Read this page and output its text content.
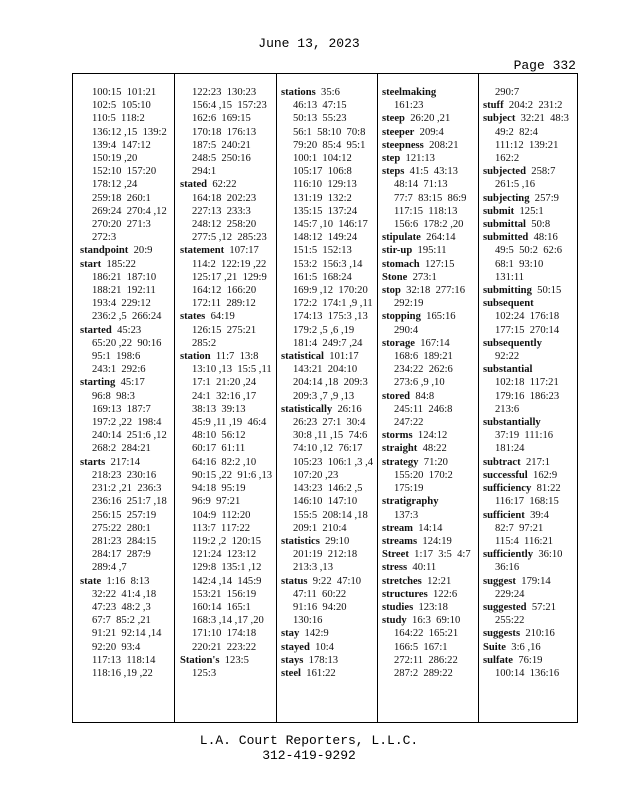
June 13, 2023
Page 332
100:15  101:21
102:5  105:10
110:5  118:2
136:12 ,15  139:2
139:4  147:12
150:19 ,20
152:10  157:20
178:12 ,24
259:18  260:1
269:24  270:4 ,12
270:20  271:3
272:3
standpoint 20:9
start 185:22
186:21  187:10
188:21  192:11
193:4  229:12
236:2 ,5  266:24
started 45:23
65:20 ,22  90:16
95:1  198:6
243:1  292:6
starting 45:17
96:8  98:3
169:13  187:7
197:2 ,22  198:4
240:14  251:6 ,12
268:2  284:21
starts 217:14
218:23  230:16
231:2 ,21  236:3
236:16  251:7 ,18
256:15  257:19
275:22  280:1
281:23  284:15
284:17  287:9
289:4 ,7
state 1:16  8:13
32:22  41:4 ,18
47:23  48:2 ,3
67:7  85:2 ,21
91:21  92:14 ,14
92:20  93:4
117:13  118:14
118:16 ,19 ,22
122:23  130:23
156:4 ,15  157:23
162:6  169:15
170:18  176:13
187:5  240:21
248:5  250:16
294:1
stated 62:22
164:18  202:23
227:13  233:3
248:12  258:20
277:5 ,12  285:23
statement 107:17
114:2  122:19 ,22
125:17 ,21  129:9
164:12  166:20
172:11  289:12
states 64:19
126:15  275:21
285:2
station 11:7  13:8
13:10 ,13  15:5 ,11
17:1  21:20 ,24
24:1  32:16 ,17
38:13  39:13
45:9 ,11 ,19  46:4
48:10  56:12
60:17  61:11
64:16  82:2 ,10
90:15 ,22  91:6 ,13
94:18  95:19
96:9  97:21
104:9  112:20
113:7  117:22
119:2 ,2  120:15
121:24  123:12
129:8  135:1 ,12
142:4 ,14  145:9
153:21  156:19
160:14  165:1
168:3 ,14 ,17 ,20
171:10  174:18
220:21  223:22
Station's 123:5
125:3
stations 35:6
46:13  47:15
50:13  55:23
56:1  58:10  70:8
79:20  85:4  95:1
100:1  104:12
105:17  106:8
116:10  129:13
131:19  132:2
135:15  137:24
145:7 ,10  146:17
148:12  149:24
151:5  152:13
153:2  156:3 ,14
161:5  168:24
169:9 ,12  170:20
172:2  174:1 ,9 ,11
174:13  175:3 ,13
179:2 ,5 ,6 ,19
181:4  249:7 ,24
statistical 101:17
143:21  204:10
204:14 ,18  209:3
209:3 ,7 ,9 ,13
statistically 26:16
26:23  27:1  30:4
30:8 ,11 ,15  74:6
74:10 ,12  76:17
105:23  106:1 ,3 ,4
107:20 ,23
143:23  146:2 ,5
146:10  147:10
155:5  208:14 ,18
209:1  210:4
statistics 29:10
201:19  212:18
213:3 ,13
status 9:22  47:10
47:11  60:22
91:16  94:20
130:16
stay 142:9
stayed 10:4
stays 178:13
steel 161:22
steelmaking
161:23
steep 26:20 ,21
steeper 209:4
steepness 208:21
step 121:13
steps 41:5  43:13
48:14  71:13
77:7  83:15  86:9
117:15  118:13
156:6  178:2 ,20
stipulate 264:14
stir-up 195:11
stomach 127:15
Stone 273:1
stop 32:18  277:16
292:19
stopping 165:16
290:4
storage 167:14
168:6  189:21
234:22  262:6
273:6 ,9 ,10
stored 84:8
245:11  246:8
247:22
storms 124:12
straight 48:22
strategy 71:20
155:20  170:2
175:19
stratigraphy
137:3
stream 14:14
streams 124:19
Street 1:17  3:5  4:7
stress 40:11
stretches 12:21
structures 122:6
studies 123:18
study 16:3  69:10
164:22  165:21
166:5  167:1
272:11  286:22
287:2  289:22
290:7
stuff 204:2  231:2
subject 32:21  48:3
49:2  82:4
111:12  139:21
162:2
subjected 258:7
261:5 ,16
subjecting 257:9
submit 125:1
submittal 50:8
submitted 48:16
49:5  50:2  62:6
68:1  93:10
131:11
submitting 50:15
subsequent
102:24  176:18
177:15  270:14
subsequently
92:22
substantial
102:18  117:21
179:16  186:23
213:6
substantially
37:19  111:16
181:24
subtract 217:1
successful 162:9
sufficiency 81:22
116:17  168:15
sufficient 39:4
82:7  97:21
115:4  116:21
sufficiently 36:10
36:16
suggest 179:14
229:24
suggested 57:21
255:22
suggests 210:16
Suite 3:6 ,16
sulfate 76:19
100:14  136:16
L.A. Court Reporters, L.L.C.
312-419-9292
